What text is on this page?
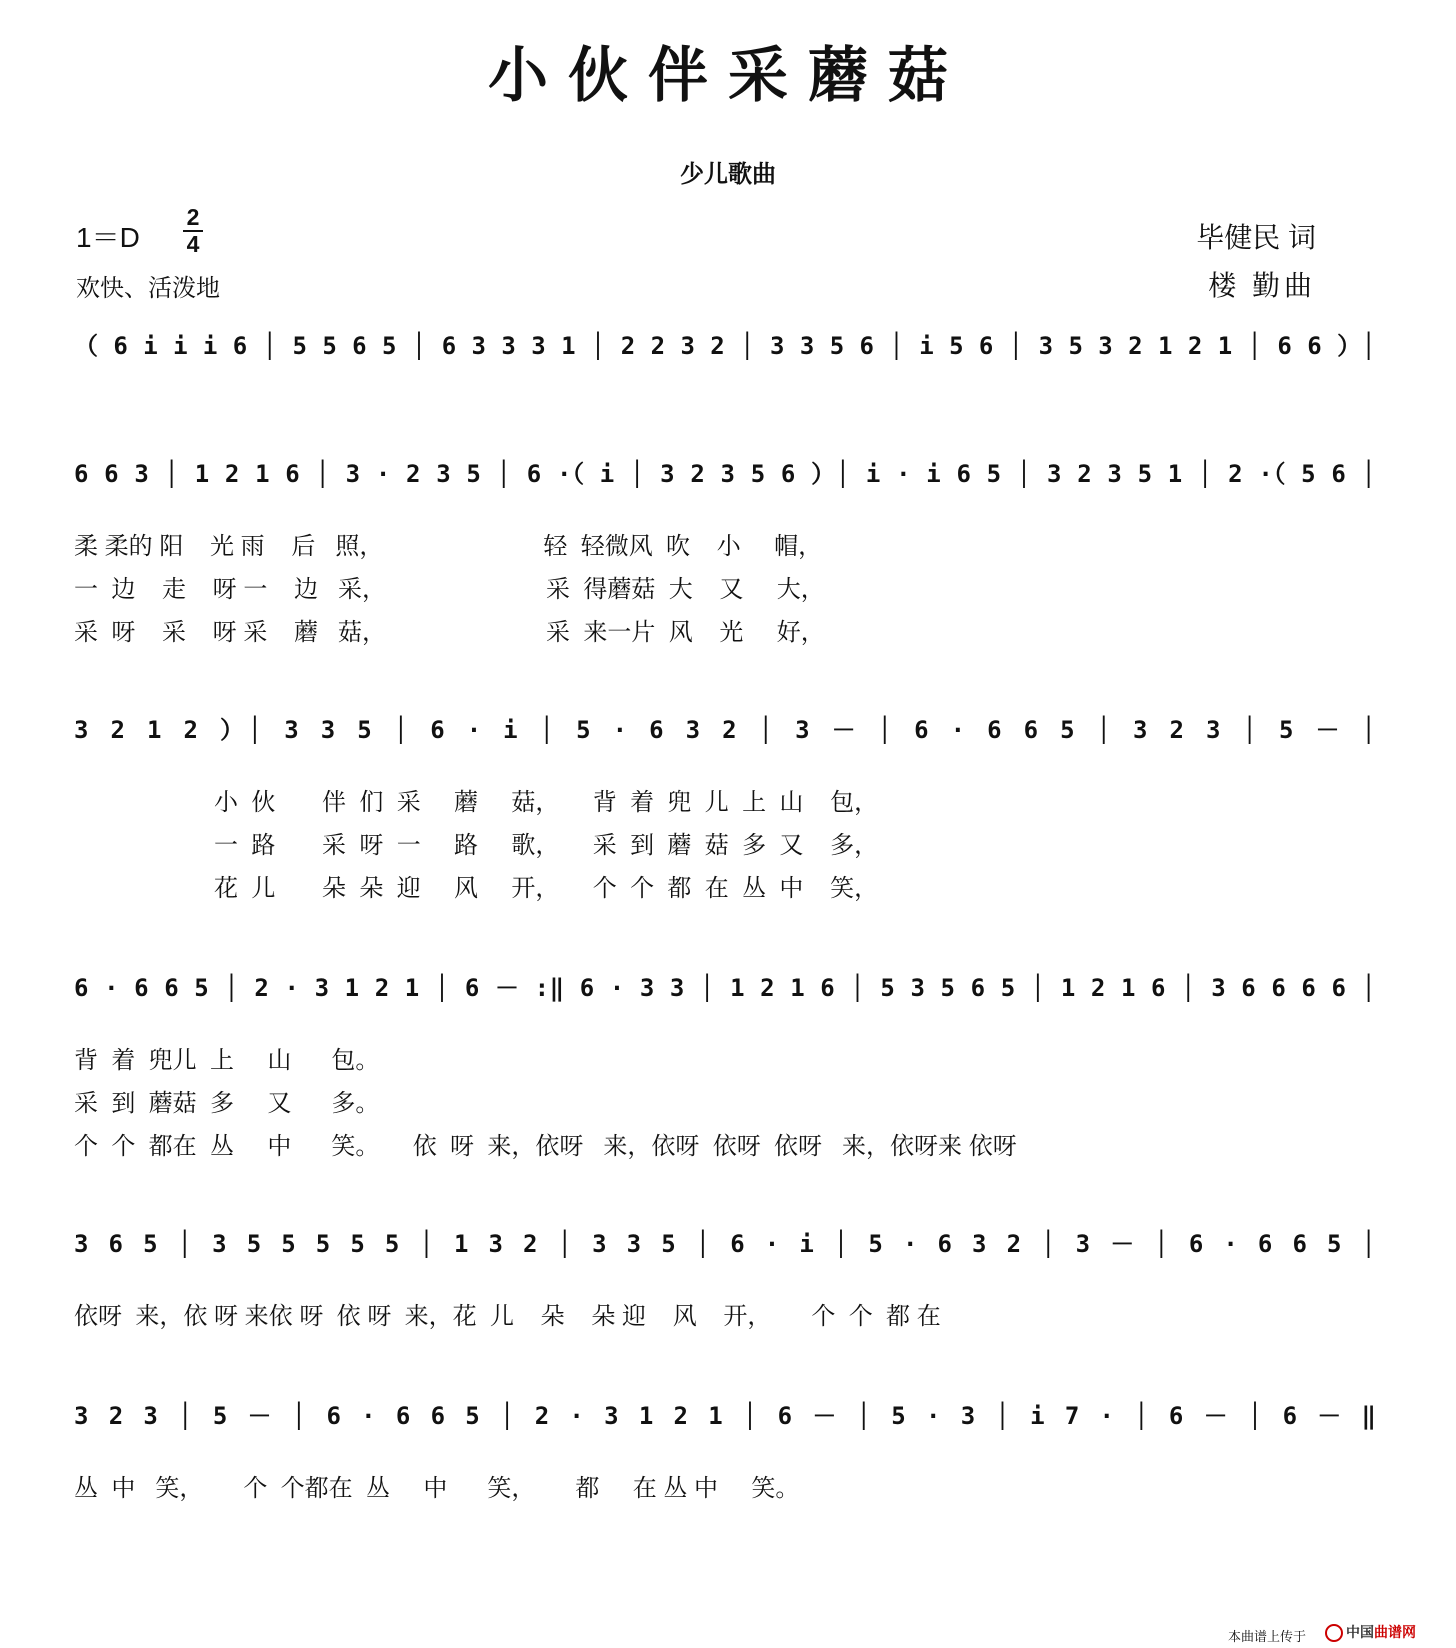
小伙伴采蘑菇
少儿歌曲
1＝D
2
4
欢快、活泼地
毕健民 词
楼 勤曲
（ 6 i i i 6 │ 5 5 6 5 │ 6 3 3 3 1 │ 2 2 3 2 │ 3 3 5 6 │ i 5 6 │ 3 5 3 2 1 2 1 │ 6 6 ）│
6 6 3 │ 1 2 1 6 │ 3 · 2 3 5 │ 6 ·（ i │ 3 2 3 5 6 ）│ i · i 6 5 │ 3 2 3 5 1 │ 2 ·（ 5 6 │
柔 柔的 阳    光 雨    后   照，                        轻  轻微风  吹    小     帽，
一  边    走    呀 一    边   采，                        采  得蘑菇  大    又     大，
采  呀    采    呀 采    蘑   菇，                        采  来一片  风    光     好，
3 2 1 2 ）│ 3 3 5 │ 6 · i │ 5 · 6 3 2 │ 3 － │ 6 · 6 6 5 │ 3 2 3 │ 5 － │
小  伙       伴  们  采     蘑     菇，     背  着  兜  儿  上  山    包，
一  路       采  呀  一     路     歌，     采  到  蘑  菇  多  又    多，
花  儿       朵  朵  迎     风     开，     个  个  都  在  丛  中    笑，
6 · 6 6 5 │ 2 · 3 1 2 1 │ 6 － :‖ 6 · 3 3 │ 1 2 1 6 │ 5 3 5 6 5 │ 1 2 1 6 │ 3 6 6 6 6 │
背  着  兜儿  上     山      包。
采  到  蘑菇  多     又      多。
个  个  都在  丛     中      笑。     依  呀  来，依呀   来，依呀  依呀  依呀   来，依呀来 依呀
3 6 5 │ 3 5 5 5 5 5 │ 1 3 2 │ 3 3 5 │ 6 · i │ 5 · 6 3 2 │ 3 － │ 6 · 6 6 5 │
依呀  来，依 呀 来依 呀  依 呀  来，花  儿    朵    朵 迎    风    开，      个  个  都 在
3 2 3 │ 5 － │ 6 · 6 6 5 │ 2 · 3 1 2 1 │ 6 － │ 5 · 3 │ i 7 · │ 6 － │ 6 － ‖
丛  中   笑，      个  个都在  丛     中      笑，      都     在 丛 中     笑。
本曲谱上传于	中国曲谱网
